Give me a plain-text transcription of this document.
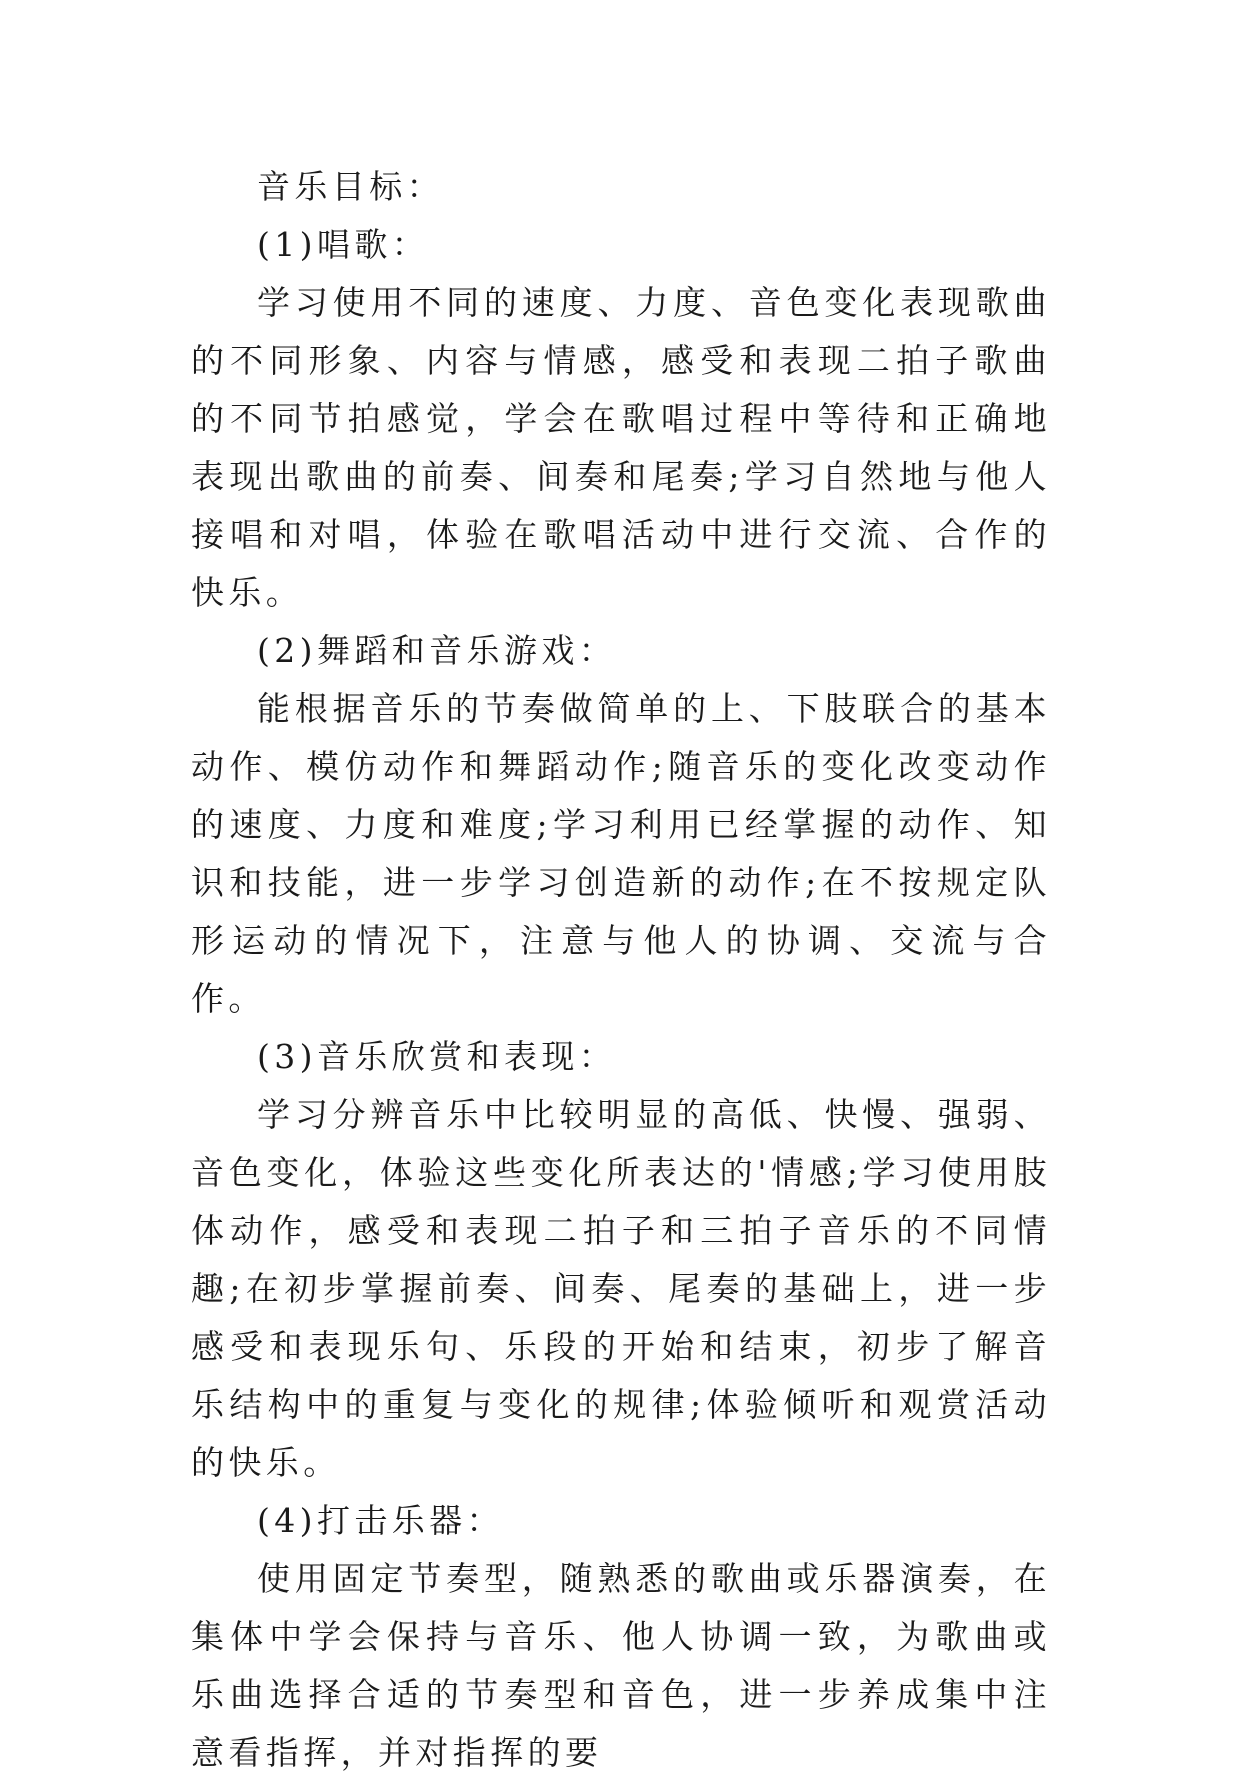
音乐目标：

(1)唱歌：

学习使用不同的速度、力度、音色变化表现歌曲的不同形象、内容与情感，感受和表现二拍子歌曲的不同节拍感觉，学会在歌唱过程中等待和正确地表现出歌曲的前奏、间奏和尾奏;学习自然地与他人接唱和对唱，体验在歌唱活动中进行交流、合作的快乐。

(2)舞蹈和音乐游戏：

能根据音乐的节奏做简单的上、下肢联合的基本动作、模仿动作和舞蹈动作;随音乐的变化改变动作的速度、力度和难度;学习利用已经掌握的动作、知识和技能，进一步学习创造新的动作;在不按规定队形运动的情况下，注意与他人的协调、交流与合作。

(3)音乐欣赏和表现：

学习分辨音乐中比较明显的高低、快慢、强弱、音色变化，体验这些变化所表达的'情感;学习使用肢体动作，感受和表现二拍子和三拍子音乐的不同情趣;在初步掌握前奏、间奏、尾奏的基础上，进一步感受和表现乐句、乐段的开始和结束，初步了解音乐结构中的重复与变化的规律;体验倾听和观赏活动的快乐。

(4)打击乐器：

使用固定节奏型，随熟悉的歌曲或乐器演奏，在集体中学会保持与音乐、他人协调一致，为歌曲或乐曲选择合适的节奏型和音色，进一步养成集中注意看指挥，并对指挥的要
